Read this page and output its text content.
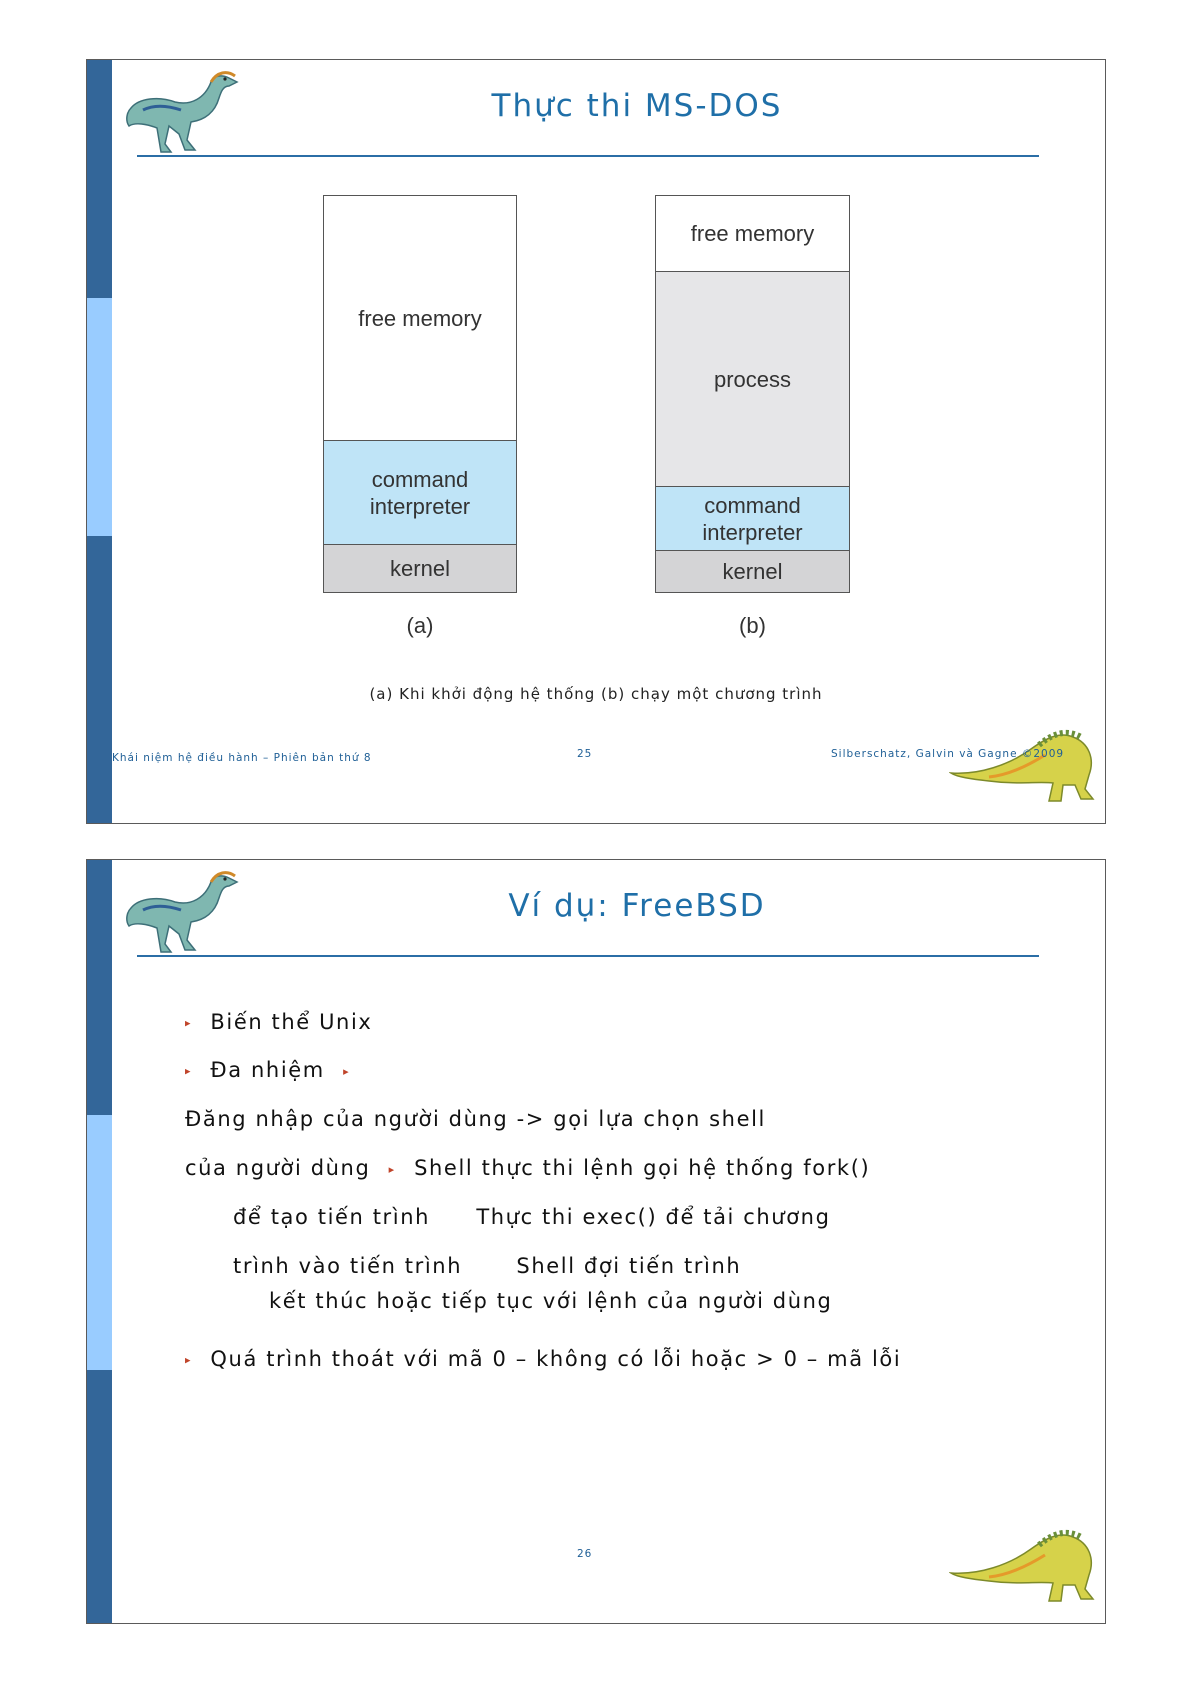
Thực thi MS-DOS
free memory
command interpreter
kernel
(a)
free memory
process
command interpreter
kernel
(b)
(a) Khi khởi động hệ thống (b) chạy một chương trình
Khái niệm hệ điều hành – Phiên bản thứ 8	25	Silberschatz, Galvin và Gagne ©2009
Ví dụ: FreeBSD
▸ Biến thể Unix
▸ Đa nhiệm ▸
Đăng nhập của người dùng -> gọi lựa chọn shell
của người dùng ▸ Shell thực thi lệnh gọi hệ thống fork()
để tạo tiến trình Thực thi exec() để tải chương
trình vào tiến trình	Shell đợi tiến trình
kết thúc hoặc tiếp tục với lệnh của người dùng
▸ Quá trình thoát với mã 0 – không có lỗi hoặc > 0 – mã lỗi
26
